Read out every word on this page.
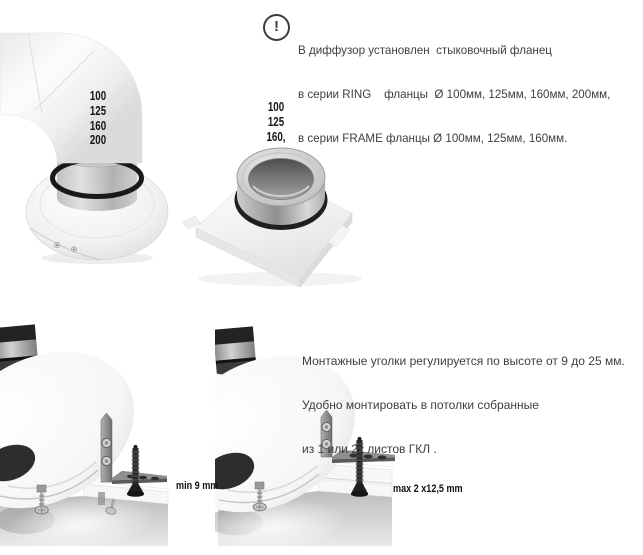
100
125
160
200
100
125
160,
!

В диффузор установлен  стыковочный фланец

в серии RING    фланцы  Ø 100мм, 125мм, 160мм, 200мм,

в серии FRAME фланцы Ø 100мм, 125мм, 160мм.

min 9 mm	max 2 x12,5 mm

Монтажные уголки регулируется по высоте от 9 до 25 мм.

Удобно монтировать в потолки собранные

из 1 или 2х листов ГКЛ .
